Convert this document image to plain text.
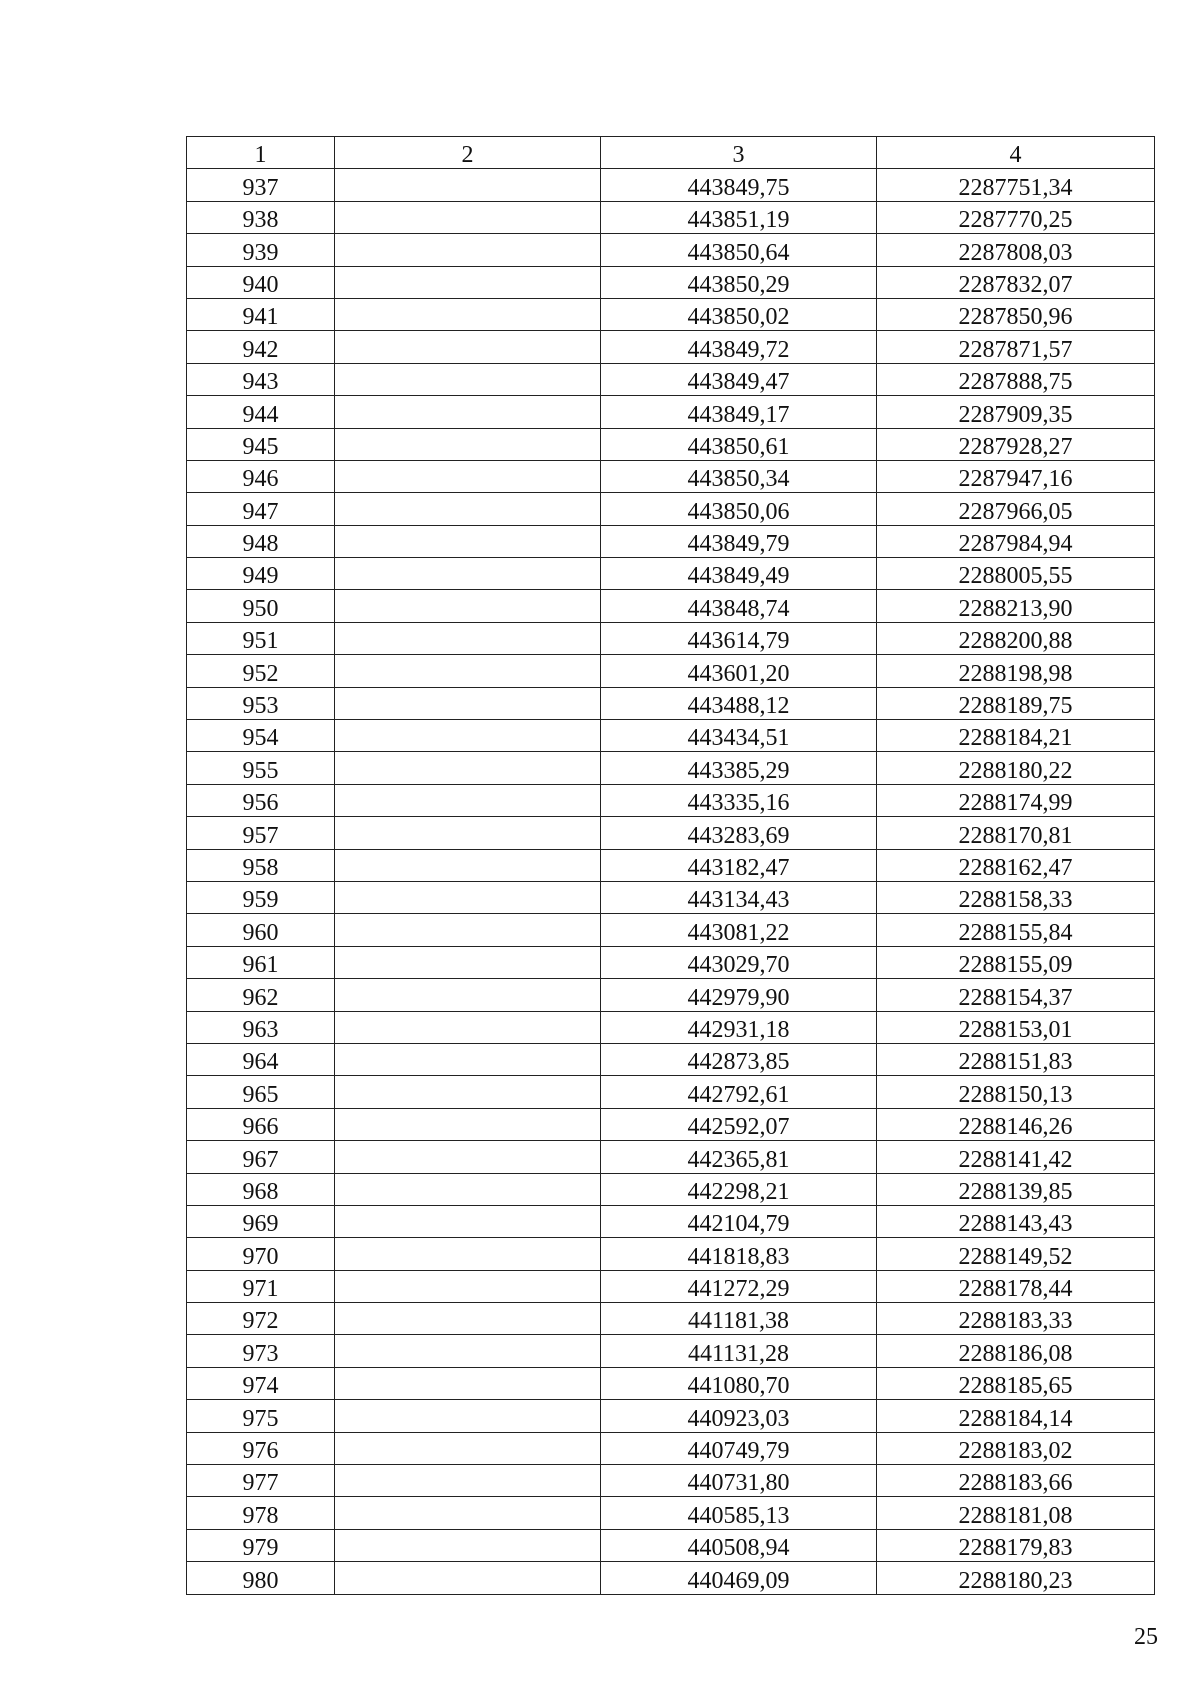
1	2	3	4
937		443849,75	2287751,34
938		443851,19	2287770,25
939		443850,64	2287808,03
940		443850,29	2287832,07
941		443850,02	2287850,96
942		443849,72	2287871,57
943		443849,47	2287888,75
944		443849,17	2287909,35
945		443850,61	2287928,27
946		443850,34	2287947,16
947		443850,06	2287966,05
948		443849,79	2287984,94
949		443849,49	2288005,55
950		443848,74	2288213,90
951		443614,79	2288200,88
952		443601,20	2288198,98
953		443488,12	2288189,75
954		443434,51	2288184,21
955		443385,29	2288180,22
956		443335,16	2288174,99
957		443283,69	2288170,81
958		443182,47	2288162,47
959		443134,43	2288158,33
960		443081,22	2288155,84
961		443029,70	2288155,09
962		442979,90	2288154,37
963		442931,18	2288153,01
964		442873,85	2288151,83
965		442792,61	2288150,13
966		442592,07	2288146,26
967		442365,81	2288141,42
968		442298,21	2288139,85
969		442104,79	2288143,43
970		441818,83	2288149,52
971		441272,29	2288178,44
972		441181,38	2288183,33
973		441131,28	2288186,08
974		441080,70	2288185,65
975		440923,03	2288184,14
976		440749,79	2288183,02
977		440731,80	2288183,66
978		440585,13	2288181,08
979		440508,94	2288179,83
980		440469,09	2288180,23
25
